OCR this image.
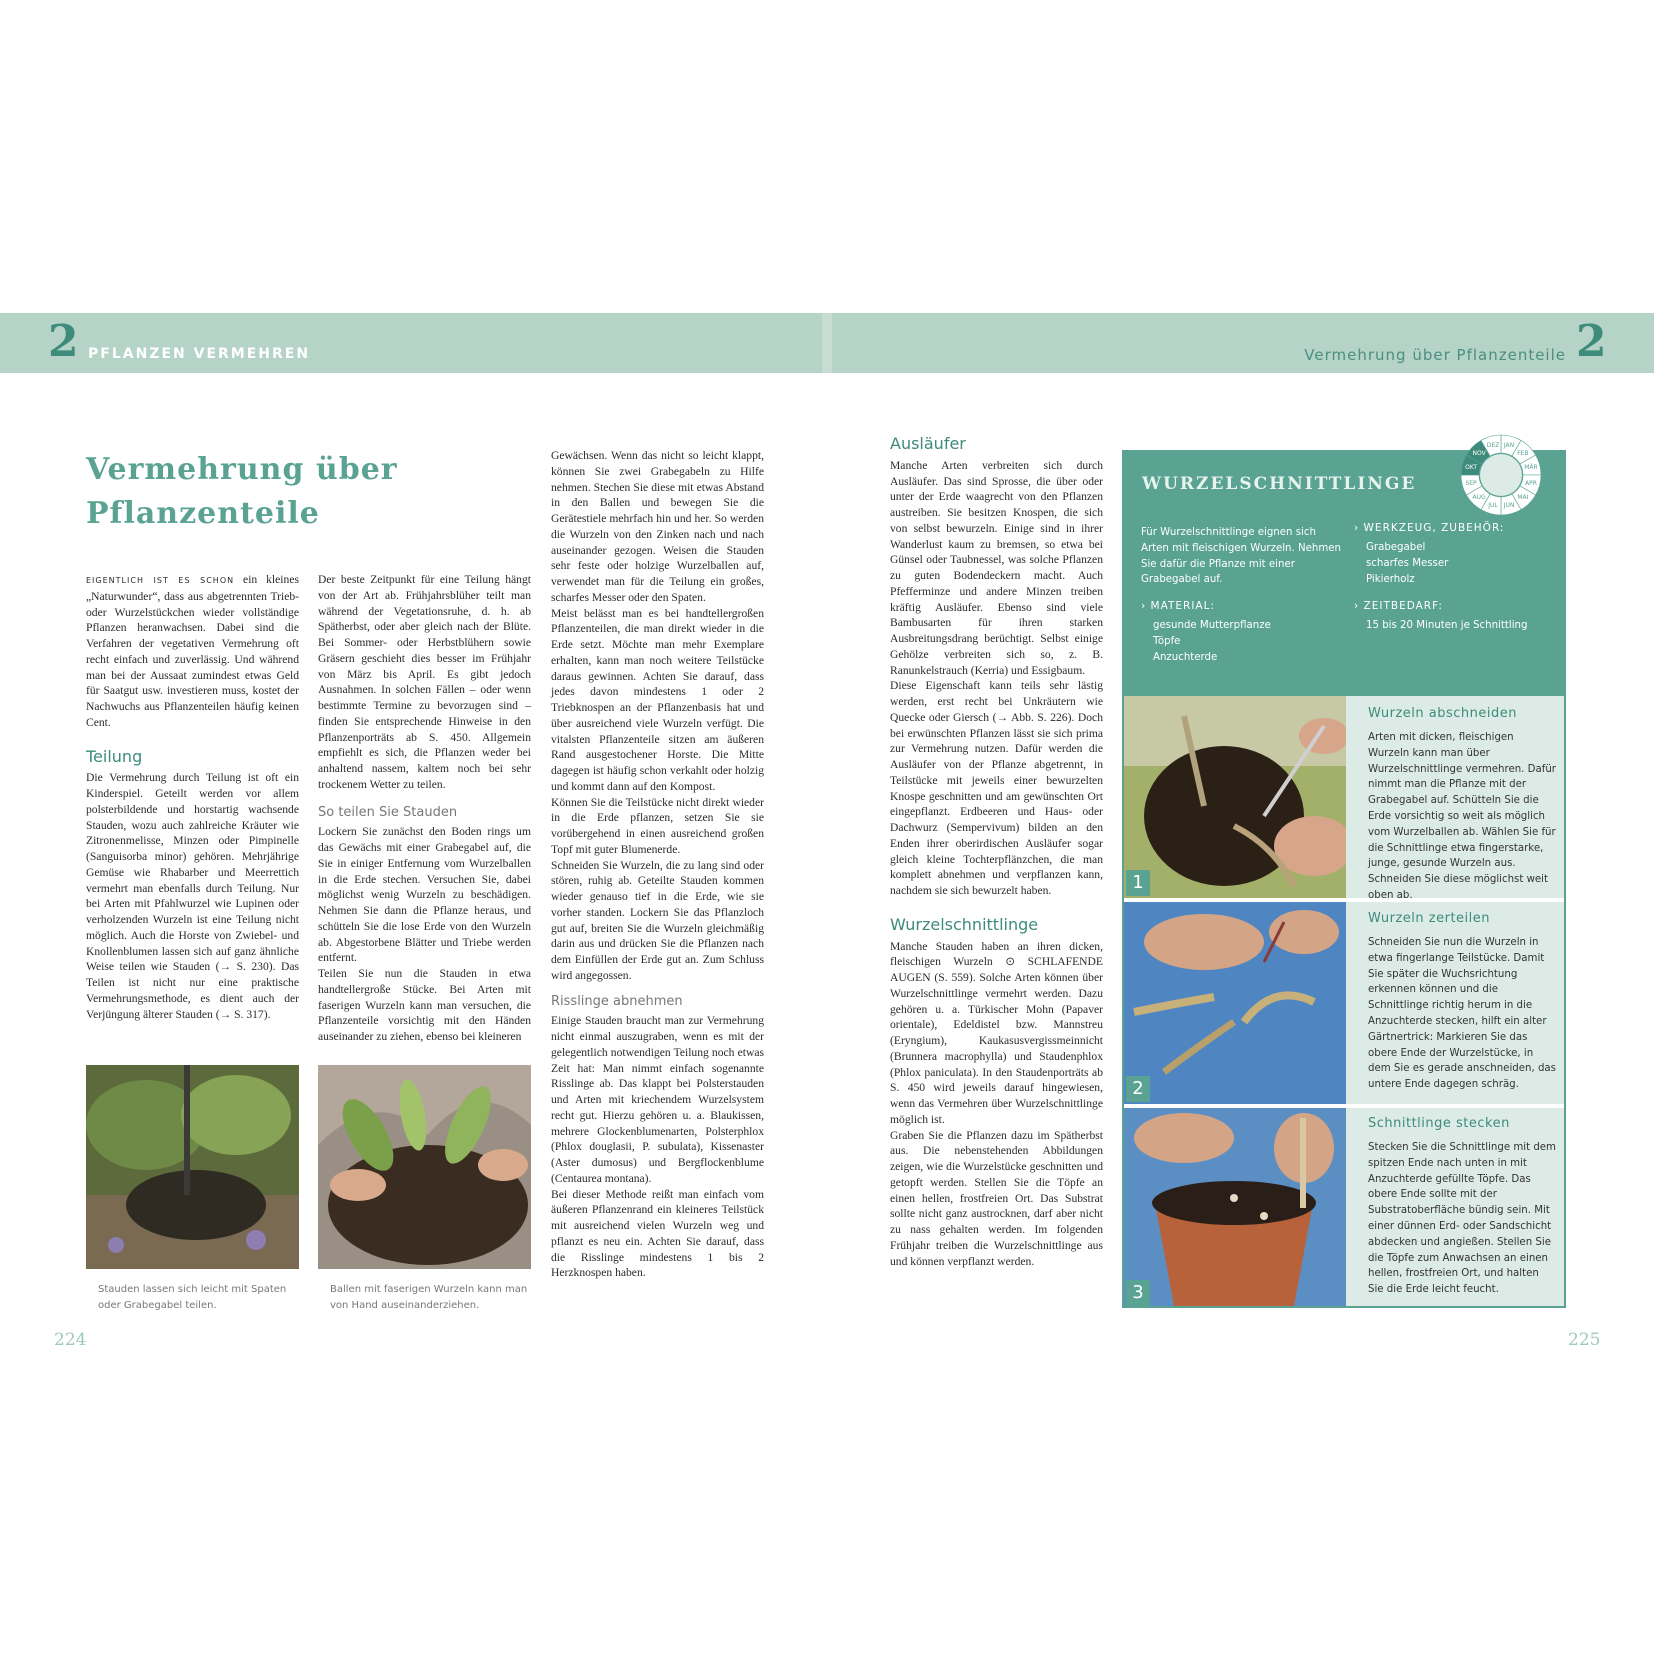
2 PFLANZEN VERMEHREN	Vermehrung über Pflanzenteile 2
Vermehrung über
Pflanzenteile

EIGENTLICH IST ES SCHON ein kleines „Naturwunder“, dass aus abgetrennten Trieb- oder Wurzelstückchen wieder vollständige Pflanzen heranwachsen. Dabei sind die Verfahren der vegetativen Vermehrung oft recht einfach und zuverlässig. Und während man bei der Aussaat zumindest etwas Geld für Saatgut usw. investieren muss, kostet der Nachwuchs aus Pflanzenteilen häufig keinen Cent.

Teilung

Die Vermehrung durch Teilung ist oft ein Kinderspiel. Geteilt werden vor allem polsterbildende und horstartig wachsende Stauden, wozu auch zahlreiche Kräuter wie Zitronenmelisse, Minzen oder Pimpinelle (Sanguisorba minor) gehören. Mehrjährige Gemüse wie Rhabarber und Meerrettich vermehrt man ebenfalls durch Teilung. Nur bei Arten mit Pfahlwurzel wie Lupinen oder verholzenden Wurzeln ist eine Teilung nicht möglich. Auch die Horste von Zwiebel- und Knollenblumen lassen sich auf ganz ähnliche Weise teilen wie Stauden (→ S. 230). Das Teilen ist nicht nur eine praktische Vermehrungsmethode, es dient auch der Verjüngung älterer Stauden (→ S. 317).

Der beste Zeitpunkt für eine Teilung hängt von der Art ab. Frühjahrsblüher teilt man während der Vegetationsruhe, d. h. ab Spätherbst, oder aber gleich nach der Blüte. Bei Sommer- oder Herbstblühern sowie Gräsern geschieht dies besser im Frühjahr von März bis April. Es gibt jedoch Ausnahmen. In solchen Fällen – oder wenn bestimmte Termine zu bevorzugen sind – finden Sie entsprechende Hinweise in den Pflanzenporträts ab S. 450. Allgemein empfiehlt es sich, die Pflanzen weder bei anhaltend nassem, kaltem noch bei sehr trockenem Wetter zu teilen.

So teilen Sie Stauden

Lockern Sie zunächst den Boden rings um das Gewächs mit einer Grabegabel auf, die Sie in einiger Entfernung vom Wurzelballen in die Erde stechen. Versuchen Sie, dabei möglichst wenig Wurzeln zu beschädigen. Nehmen Sie dann die Pflanze heraus, und schütteln Sie die lose Erde von den Wurzeln ab. Abgestorbene Blätter und Triebe werden entfernt.

Teilen Sie nun die Stauden in etwa handtellergroße Stücke. Bei Arten mit faserigen Wurzeln kann man versuchen, die Pflanzenteile vorsichtig mit den Händen auseinander zu ziehen, ebenso bei kleineren

Gewächsen. Wenn das nicht so leicht klappt, können Sie zwei Grabegabeln zu Hilfe nehmen. Stechen Sie diese mit etwas Abstand in den Ballen und bewegen Sie die Gerätestiele mehrfach hin und her. So werden die Wurzeln von den Zinken nach und nach auseinander gezogen. Weisen die Stauden sehr feste oder holzige Wurzelballen auf, verwendet man für die Teilung ein großes, scharfes Messer oder den Spaten.

Meist belässt man es bei handtellergroßen Pflanzenteilen, die man direkt wieder in die Erde setzt. Möchte man mehr Exemplare erhalten, kann man noch weitere Teilstücke daraus gewinnen. Achten Sie darauf, dass jedes davon mindestens 1 oder 2 Triebknospen an der Pflanzenbasis hat und über ausreichend viele Wurzeln verfügt. Die vitalsten Pflanzenteile sitzen am äußeren Rand ausgestochener Horste. Die Mitte dagegen ist häufig schon verkahlt oder holzig und kommt dann auf den Kompost.

Können Sie die Teilstücke nicht direkt wieder in die Erde pflanzen, setzen Sie sie vorübergehend in einen ausreichend großen Topf mit guter Blumenerde.

Schneiden Sie Wurzeln, die zu lang sind oder stören, ruhig ab. Geteilte Stauden kommen wieder genauso tief in die Erde, wie sie vorher standen. Lockern Sie das Pflanzloch gut auf, breiten Sie die Wurzeln gleichmäßig darin aus und drücken Sie die Pflanzen nach dem Einfüllen der Erde gut an. Zum Schluss wird angegossen.

Risslinge abnehmen

Einige Stauden braucht man zur Vermehrung nicht einmal auszugraben, wenn es mit der gelegentlich notwendigen Teilung noch etwas Zeit hat: Man nimmt einfach sogenannte Risslinge ab. Das klappt bei Polsterstauden und Arten mit kriechendem Wurzelsystem recht gut. Hierzu gehören u. a. Blaukissen, mehrere Glockenblumenarten, Polsterphlox (Phlox douglasii, P. subulata), Kissenaster (Aster dumosus) und Bergflockenblume (Centaurea montana).

Bei dieser Methode reißt man einfach vom äußeren Pflanzenrand ein kleineres Teilstück mit ausreichend vielen Wurzeln weg und pflanzt es neu ein. Achten Sie darauf, dass die Risslinge mindestens 1 bis 2 Herzknospen haben.

Stauden lassen sich leicht mit Spaten oder Grabegabel teilen.
Ballen mit faserigen Wurzeln kann man von Hand auseinanderziehen.
224

Ausläufer

Manche Arten verbreiten sich durch Ausläufer. Das sind Sprosse, die über oder unter der Erde waagrecht von den Pflanzen austreiben. Sie besitzen Knospen, die sich von selbst bewurzeln. Einige sind in ihrer Wanderlust kaum zu bremsen, so etwa bei Günsel oder Taubnessel, was solche Pflanzen zu guten Bodendeckern macht. Auch Pfefferminze und andere Minzen treiben kräftig Ausläufer. Ebenso sind viele Bambusarten für ihren starken Ausbreitungsdrang berüchtigt. Selbst einige Gehölze verbreiten sich so, z. B. Ranunkelstrauch (Kerria) und Essigbaum.

Diese Eigenschaft kann teils sehr lästig werden, erst recht bei Unkräutern wie Quecke oder Giersch (→ Abb. S. 226). Doch bei erwünschten Pflanzen lässt sie sich prima zur Vermehrung nutzen. Dafür werden die Ausläufer von der Pflanze abgetrennt, in Teilstücke mit jeweils einer bewurzelten Knospe geschnitten und am gewünschten Ort eingepflanzt. Erdbeeren und Haus- oder Dachwurz (Sempervivum) bilden an den Enden ihrer oberirdischen Ausläufer sogar gleich kleine Tochterpflänzchen, die man komplett abnehmen und verpflanzen kann, nachdem sie sich bewurzelt haben.

Wurzelschnittlinge

Manche Stauden haben an ihren dicken, fleischigen Wurzeln ⊙ SCHLAFENDE AUGEN (S. 559). Solche Arten können über Wurzelschnittlinge vermehrt werden. Dazu gehören u. a. Türkischer Mohn (Papaver orientale), Edeldistel bzw. Mannstreu (Eryngium), Kaukasusvergissmeinnicht (Brunnera macrophylla) und Staudenphlox (Phlox paniculata). In den Staudenporträts ab S. 450 wird jeweils darauf hingewiesen, wenn das Vermehren über Wurzelschnittlinge möglich ist.

Graben Sie die Pflanzen dazu im Spätherbst aus. Die nebenstehenden Abbildungen zeigen, wie die Wurzelstücke geschnitten und getopft werden. Stellen Sie die Töpfe an einen hellen, frostfreien Ort. Das Substrat sollte nicht ganz austrocknen, darf aber nicht zu nass gehalten werden. Im folgenden Frühjahr treiben die Wurzelschnittlinge aus und können verpflanzt werden.

WURZELSCHNITTLINGE
JAN
FEB
MÄR
APR
MAI
JUN
JUL
AUG
SEP
OKT
NOV
DEZ
Für Wurzelschnittlinge eignen sich Arten mit fleischigen Wurzeln. Nehmen Sie dafür die Pflanze mit einer Grabegabel auf.
› MATERIAL:
gesunde Mutterpflanze
Töpfe
Anzuchterde
› WERKZEUG, ZUBEHÖR:
Grabegabel
scharfes Messer
Pikierholz
› ZEITBEDARF:
15 bis 20 Minuten je Schnittling
1
Wurzeln abschneiden
Arten mit dicken, fleischigen Wurzeln kann man über Wurzelschnittlinge vermehren. Dafür nimmt man die Pflanze mit der Grabegabel auf. Schütteln Sie die Erde vorsichtig so weit als möglich vom Wurzelballen ab. Wählen Sie für die Schnittlinge etwa fingerstarke, junge, gesunde Wurzeln aus. Schneiden Sie diese möglichst weit oben ab.
2
Wurzeln zerteilen
Schneiden Sie nun die Wurzeln in etwa fingerlange Teilstücke. Damit Sie später die Wuchsrichtung erkennen können und die Schnittlinge richtig herum in die Anzuchterde stecken, hilft ein alter Gärtnertrick: Markieren Sie das obere Ende der Wurzelstücke, in dem Sie es gerade anschneiden, das untere Ende dagegen schräg.
3
Schnittlinge stecken
Stecken Sie die Schnittlinge mit dem spitzen Ende nach unten in mit Anzuchterde gefüllte Töpfe. Das obere Ende sollte mit der Substratoberfläche bündig sein. Mit einer dünnen Erd- oder Sandschicht abdecken und angießen. Stellen Sie die Töpfe zum Anwachsen an einen hellen, frostfreien Ort, und halten Sie die Erde leicht feucht.
225
